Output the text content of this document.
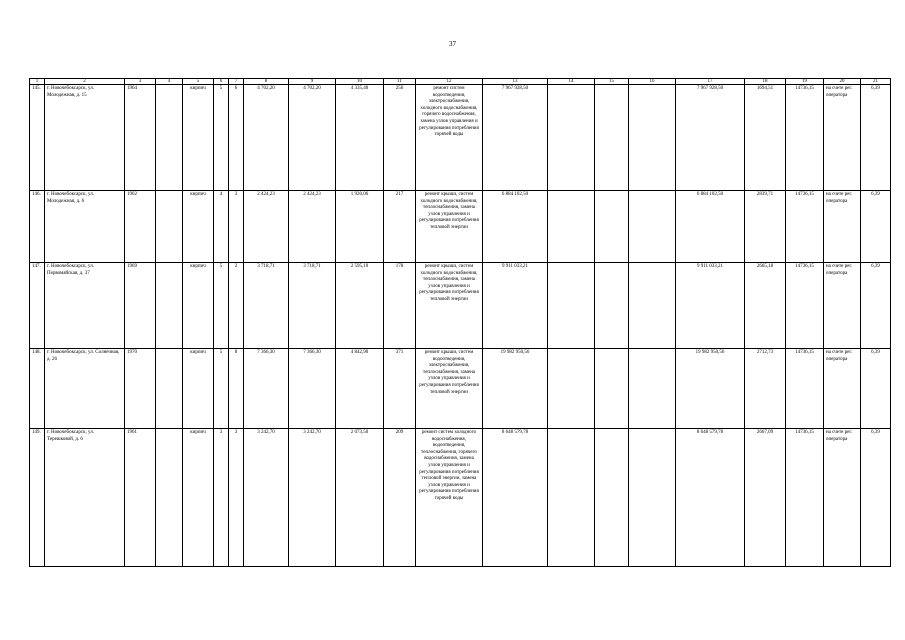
37
1	2	3	4	5	6	7	8	9	10	11	12	13	14	15	16	17	18	19	20	21
145.	г. Новочебоксарск, ул. Молодежная, д. 15	1964		кирпич	5	6	4 702,20	4 702,20	4 335,40	256	ремонт систем водоотведения, электроснабжения, холодного водоснабжения, горячего водоснабжения, замена узлов управления и регулирования потребления горячей воды	7 967 928,50				7 967 928,50	1694,51	14736,15	на счете рег. оператора	6,39
146.	г. Новочебоксарск, ул. Молодежная, д. 6	1962		кирпич	4	3	2 424,23	2 424,23	1 920,06	217	ремонт крыши, систем холодного водоснабжения, теплоснабжения, замена узлов управления и регулирования потребления тепловой энергии	6 884 102,50				6 884 102,50	2839,71	14736,15	на счете рег. оператора	6,39
147.	г. Новочебоксарск, ул. Первомайская, д. 37	1969		кирпич	5	2	3 718,71	3 718,71	2 595,10	178	ремонт крыши, систем холодного водоснабжения, теплоснабжения, замена узлов управления и регулирования потребления тепловой энергии	9 911 033,21				9 911 033,21	2665,18	14736,15	на счете рег. оператора	6,39
148.	г. Новочебоксарск, ул. Солнечная, д. 26	1970		кирпич	5	8	7 366,30	7 366,30	4 842,90	371	ремонт крыши, систем водоотведения, электроснабжения, теплоснабжения, замена узлов управления и регулирования потребления тепловой энергии	19 982 950,56				19 982 950,56	2712,73	14736,15	на счете рег. оператора	6,39
149.	г. Новочебоксарск, ул. Терешковой, д. 6	1961		кирпич	3	3	3 242,70	3 242,70	2 073,50	209	ремонт систем холодного водоснабжения, водоотведения, теплоснабжения, горячего водоснабжения, замена узлов управления и регулирования потребления тепловой энергии, замена узлов управления и регулирования потребления горячей воды	8 648 579,78				8 648 579,78	2667,09	14736,15	на счете рег. оператора	6,39
